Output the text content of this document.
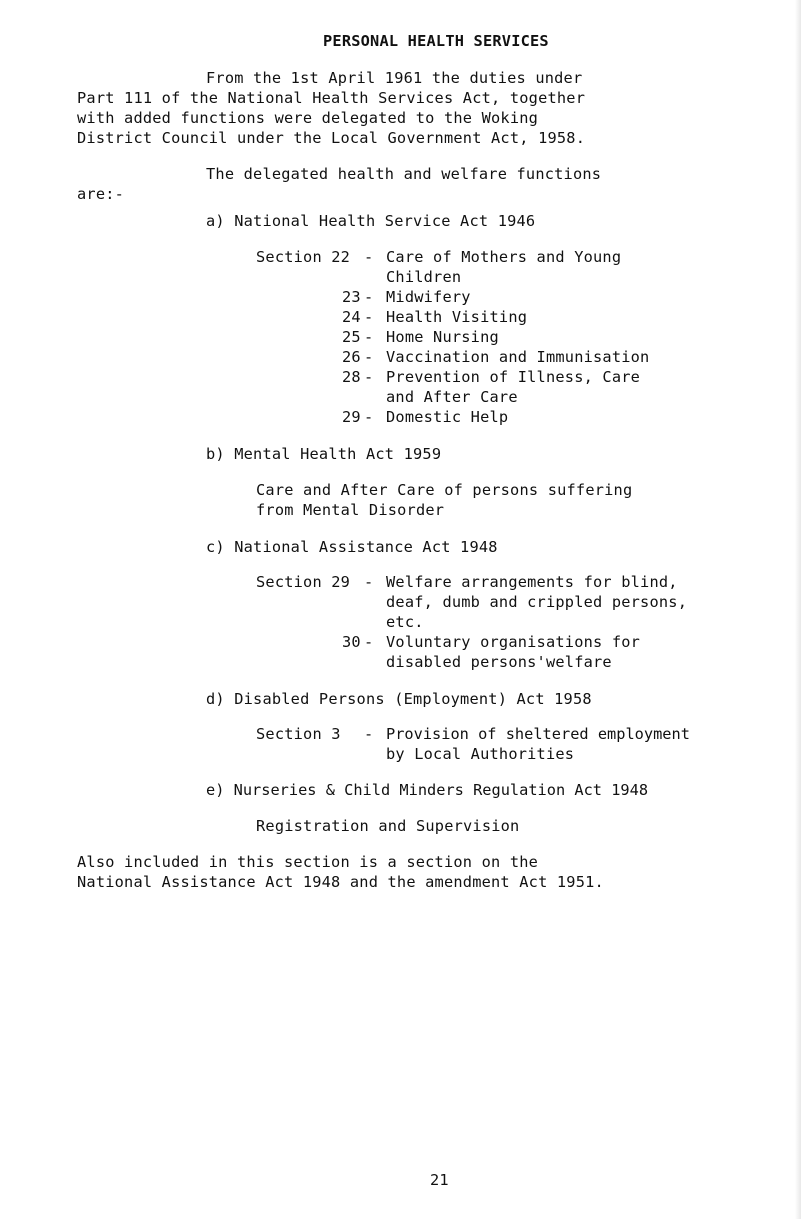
PERSONAL HEALTH SERVICES
From the 1st April 1961 the duties under
Part 111 of the National Health Services Act, together
with added functions were delegated to the Woking
District Council under the Local Government Act, 1958.
The delegated health and welfare functions
are:-
a) National Health Service Act 1946
Section 22 - Care of Mothers and Young
Children
23 - Midwifery
24 - Health Visiting
25 - Home Nursing
26 - Vaccination and Immunisation
28 - Prevention of Illness, Care
and After Care
29 - Domestic Help
b) Mental Health Act 1959
Care and After Care of persons suffering
from Mental Disorder
c) National Assistance Act 1948
Section 29 - Welfare arrangements for blind,
deaf, dumb and crippled persons,
etc.
30 - Voluntary organisations for
disabled persons'welfare
d) Disabled Persons (Employment) Act 1958
Section 3 - Provision of sheltered employment
by Local Authorities
e) Nurseries & Child Minders Regulation Act 1948
Registration and Supervision
Also included in this section is a section on the
National Assistance Act 1948 and the amendment Act 1951.
21
